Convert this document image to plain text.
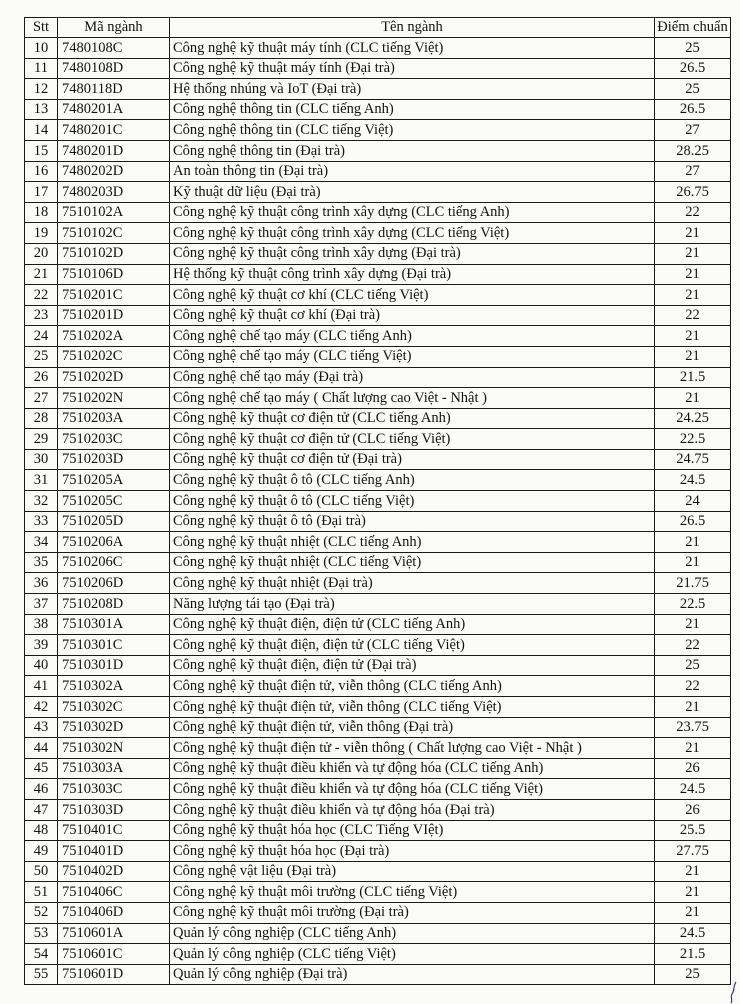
Stt	Mã ngành	Tên ngành	Điểm chuẩn
10	7480108C	Công nghệ kỹ thuật máy tính (CLC tiếng Việt)	25
11	7480108D	Công nghệ kỹ thuật máy tính (Đại trà)	26.5
12	7480118D	Hệ thống nhúng và IoT (Đại trà)	25
13	7480201A	Công nghệ thông tin (CLC tiếng Anh)	26.5
14	7480201C	Công nghệ thông tin (CLC tiếng Việt)	27
15	7480201D	Công nghệ thông tin (Đại trà)	28.25
16	7480202D	An toàn thông tin (Đại trà)	27
17	7480203D	Kỹ thuật dữ liệu (Đại trà)	26.75
18	7510102A	Công nghệ kỹ thuật công trình xây dựng (CLC tiếng Anh)	22
19	7510102C	Công nghệ kỹ thuật công trình xây dựng (CLC tiếng Việt)	21
20	7510102D	Công nghệ kỹ thuật công trình xây dựng (Đại trà)	21
21	7510106D	Hệ thống kỹ thuật công trình xây dựng (Đại trà)	21
22	7510201C	Công nghệ kỹ thuật cơ khí (CLC tiếng Việt)	21
23	7510201D	Công nghệ kỹ thuật cơ khí (Đại trà)	22
24	7510202A	Công nghệ chế tạo máy (CLC tiếng Anh)	21
25	7510202C	Công nghệ chế tạo máy (CLC tiếng Việt)	21
26	7510202D	Công nghệ chế tạo máy (Đại trà)	21.5
27	7510202N	Công nghệ chế tạo máy ( Chất lượng cao Việt - Nhật )	21
28	7510203A	Công nghệ kỹ thuật cơ điện tử (CLC tiếng Anh)	24.25
29	7510203C	Công nghệ kỹ thuật cơ điện tử (CLC tiếng Việt)	22.5
30	7510203D	Công nghệ kỹ thuật cơ điện tử (Đại trà)	24.75
31	7510205A	Công nghệ kỹ thuật ô tô (CLC tiếng Anh)	24.5
32	7510205C	Công nghệ kỹ thuật ô tô (CLC tiếng Việt)	24
33	7510205D	Công nghệ kỹ thuật ô tô (Đại trà)	26.5
34	7510206A	Công nghệ kỹ thuật nhiệt (CLC tiếng Anh)	21
35	7510206C	Công nghệ kỹ thuật nhiệt (CLC tiếng Việt)	21
36	7510206D	Công nghệ kỹ thuật nhiệt (Đại trà)	21.75
37	7510208D	Năng lượng tái tạo (Đại trà)	22.5
38	7510301A	Công nghệ kỹ thuật điện, điện tử (CLC tiếng Anh)	21
39	7510301C	Công nghệ kỹ thuật điện, điện tử (CLC tiếng Việt)	22
40	7510301D	Công nghệ kỹ thuật điện, điện tử (Đại trà)	25
41	7510302A	Công nghệ kỹ thuật điện tử, viễn thông (CLC tiếng Anh)	22
42	7510302C	Công nghệ kỹ thuật điện tử, viễn thông (CLC tiếng Việt)	21
43	7510302D	Công nghệ kỹ thuật điện tử, viễn thông (Đại trà)	23.75
44	7510302N	Công nghệ kỹ thuật điện tử - viễn thông ( Chất lượng cao Việt - Nhật )	21
45	7510303A	Công nghệ kỹ thuật điều khiển và tự động hóa (CLC tiếng Anh)	26
46	7510303C	Công nghệ kỹ thuật điều khiển và tự động hóa (CLC tiếng Việt)	24.5
47	7510303D	Công nghệ kỹ thuật điều khiển và tự động hóa (Đại trà)	26
48	7510401C	Công nghệ kỹ thuật hóa học (CLC Tiếng VIệt)	25.5
49	7510401D	Công nghệ kỹ thuật hóa học (Đại trà)	27.75
50	7510402D	Công nghệ vật liệu (Đại trà)	21
51	7510406C	Công nghệ kỹ thuật môi trường (CLC tiếng Việt)	21
52	7510406D	Công nghệ kỹ thuật môi trường (Đại trà)	21
53	7510601A	Quản lý công nghiệp (CLC tiếng Anh)	24.5
54	7510601C	Quản lý công nghiệp (CLC tiếng Việt)	21.5
55	7510601D	Quản lý công nghiệp (Đại trà)	25
